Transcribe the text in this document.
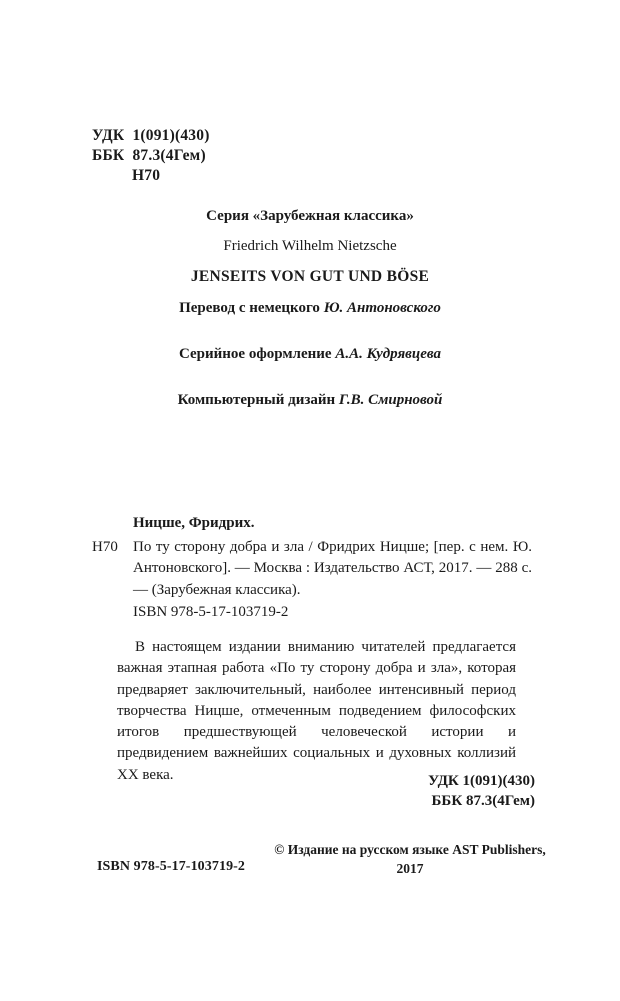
УДК  1(091)(430)
ББК  87.3(4Гем)
Н70
Серия «Зарубежная классика»
Friedrich Wilhelm Nietzsche
JENSEITS VON GUT UND BÖSE
Перевод с немецкого Ю. Антоновского
Серийное оформление А.А. Кудрявцева
Компьютерный дизайн Г.В. Смирновой
Ницше, Фридрих.
Н70 По ту сторону добра и зла / Фридрих Ницше; [пер. с нем. Ю. Антоновского]. — Москва : Издательство АСТ, 2017. — 288 с. — (Зарубежная классика).
ISBN 978-5-17-103719-2

В настоящем издании вниманию читателей предлагается важная этапная работа «По ту сторону добра и зла», которая предваряет заключительный, наиболее интенсивный период творчества Ницше, отмеченным подведением философских итогов предшествующей человеческой истории и предвидением важнейших социальных и духовных коллизий XX века.	УДК 1(091)(430)
ББК 87.3(4Гем)
© Издание на русском языке AST Publishers,
2017
ISBN 978-5-17-103719-2
